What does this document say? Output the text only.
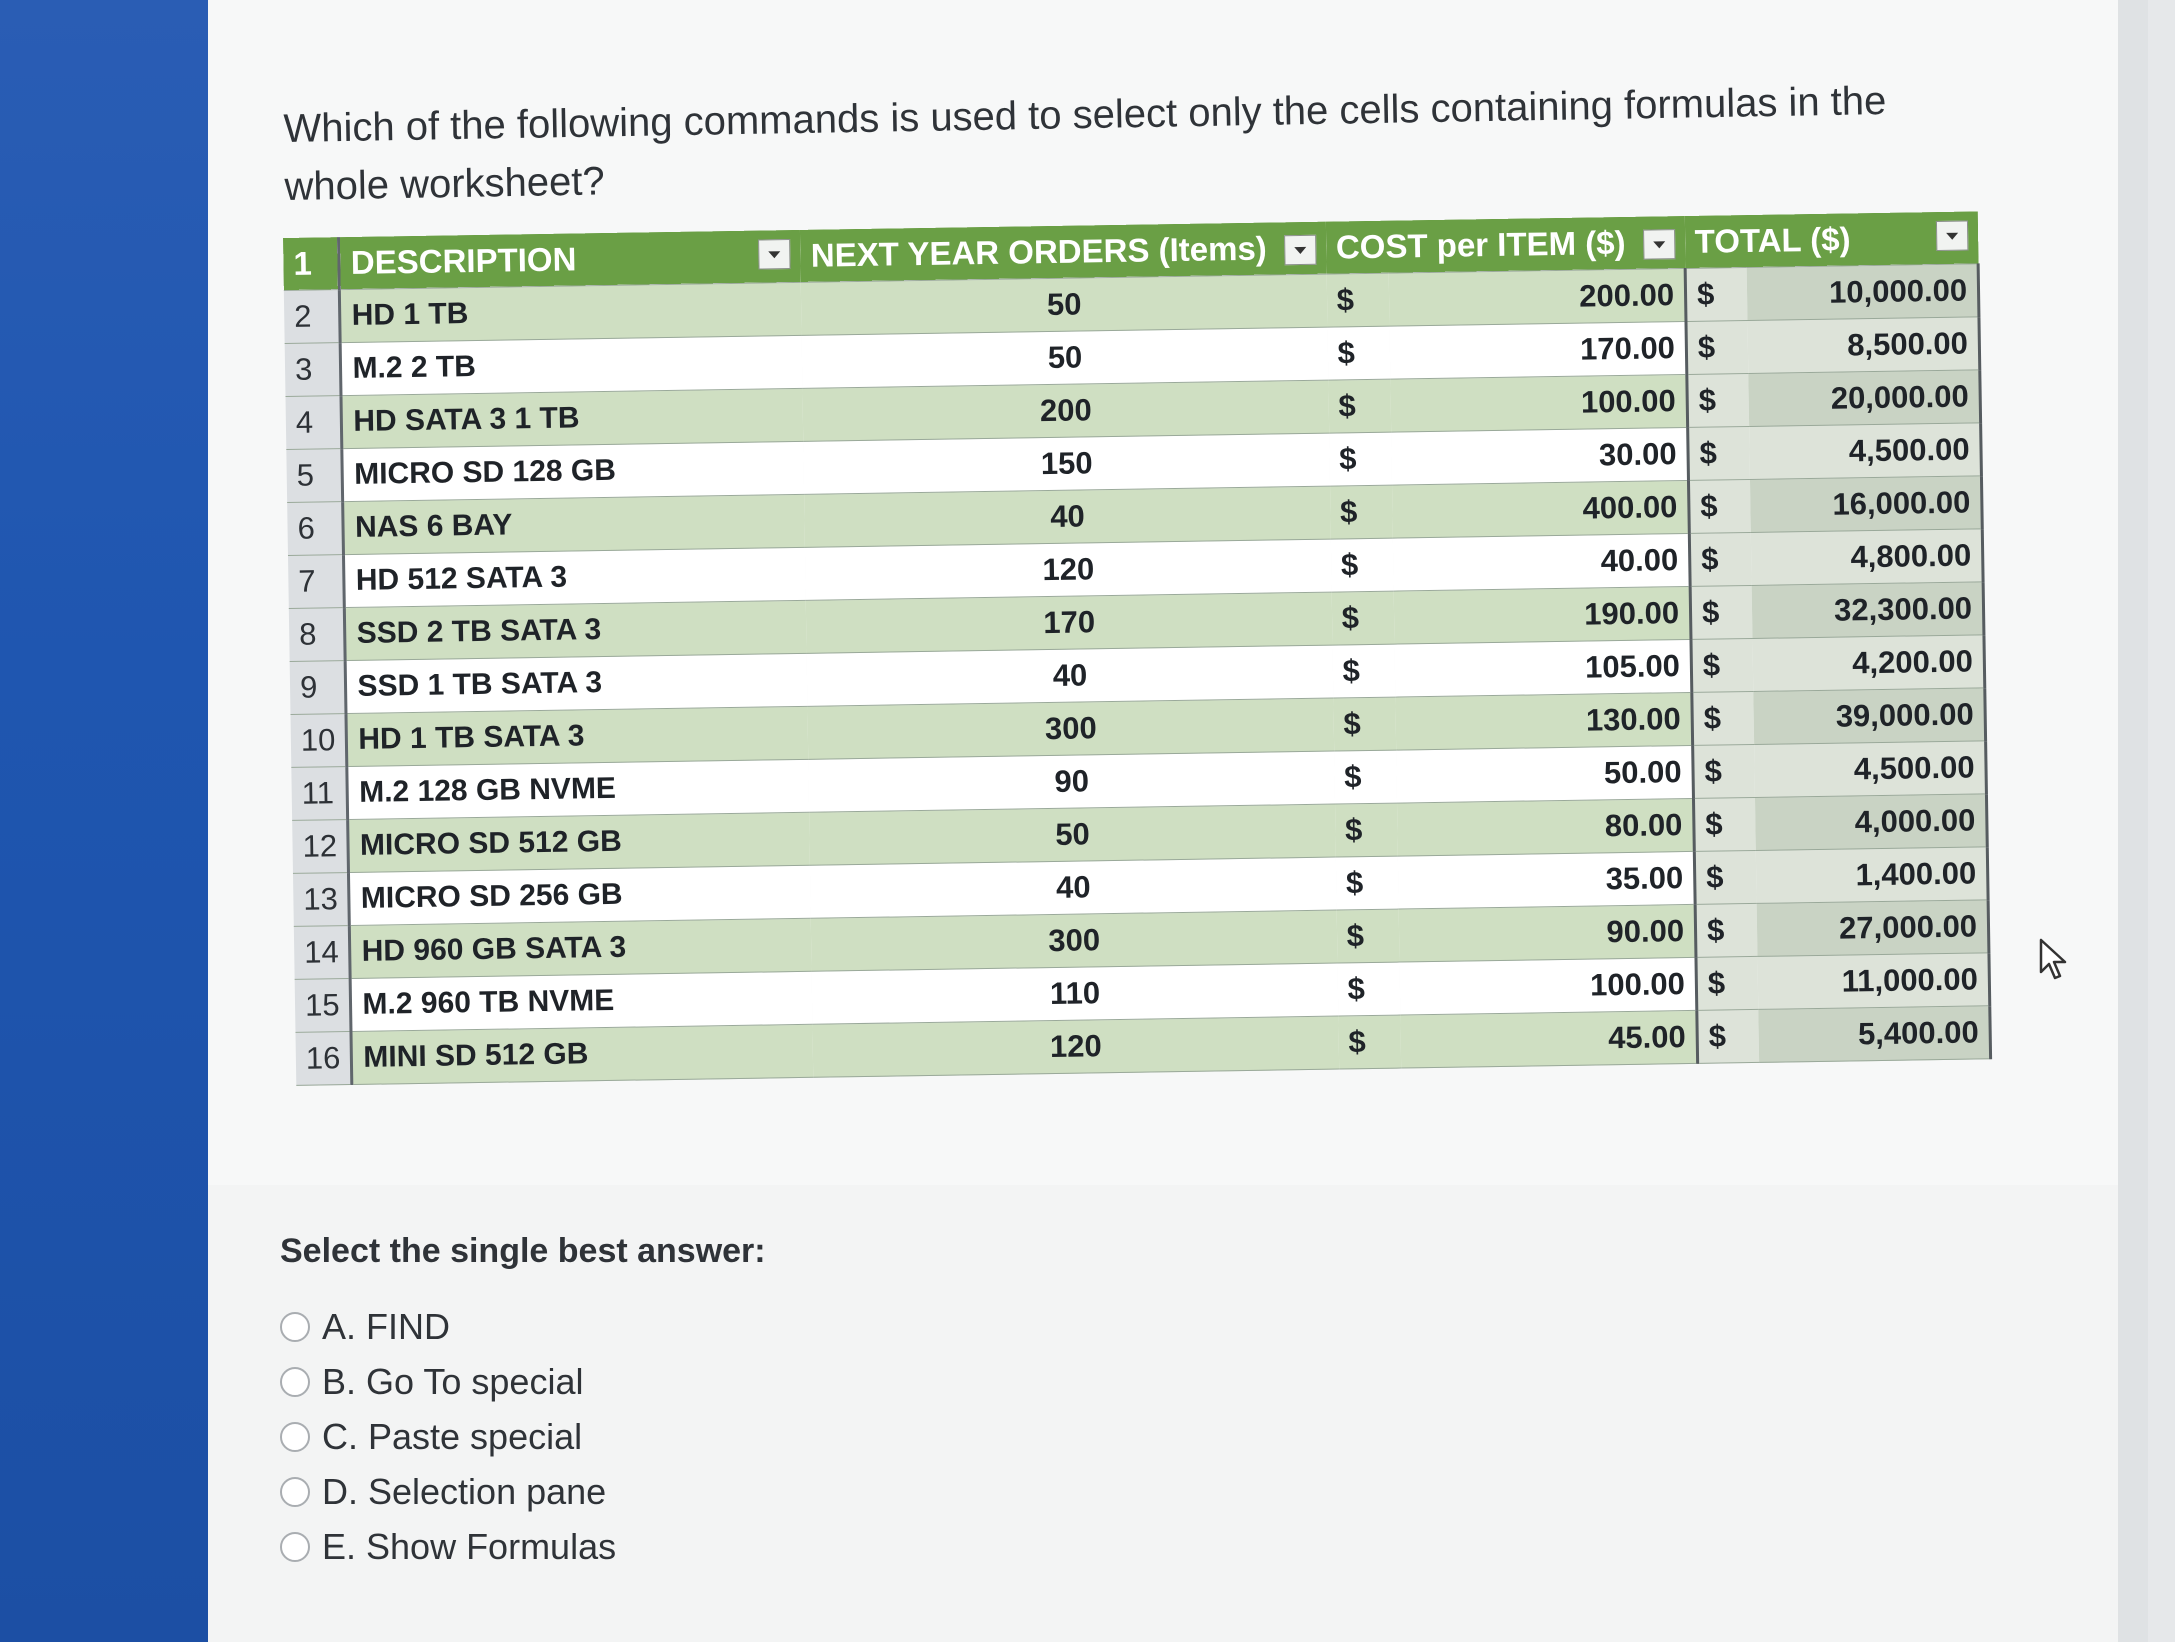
Which of the following commands is used to select only the cells containing formulas in the whole worksheet?
1	DESCRIPTION	NEXT YEAR ORDERS (Items)	COST per ITEM ($)		TOTAL ($)	

2	HD 1 TB	50	$	200.00	$	10,000.00
3	M.2 2 TB	50	$	170.00	$	8,500.00
4	HD SATA 3 1 TB	200	$	100.00	$	20,000.00
5	MICRO SD 128 GB	150	$	30.00	$	4,500.00
6	NAS 6 BAY	40	$	400.00	$	16,000.00
7	HD 512 SATA 3	120	$	40.00	$	4,800.00
8	SSD 2 TB SATA 3	170	$	190.00	$	32,300.00
9	SSD 1 TB SATA 3	40	$	105.00	$	4,200.00
10	HD 1 TB SATA 3	300	$	130.00	$	39,000.00
11	M.2 128 GB NVME	90	$	50.00	$	4,500.00
12	MICRO SD 512 GB	50	$	80.00	$	4,000.00
13	MICRO SD 256 GB	40	$	35.00	$	1,400.00
14	HD 960 GB SATA 3	300	$	90.00	$	27,000.00
15	M.2 960 TB NVME	110	$	100.00	$	11,000.00
16	MINI SD 512 GB	120	$	45.00	$	5,400.00
Select the single best answer:
A. FIND
B. Go To special
C. Paste special
D. Selection pane
E. Show Formulas
